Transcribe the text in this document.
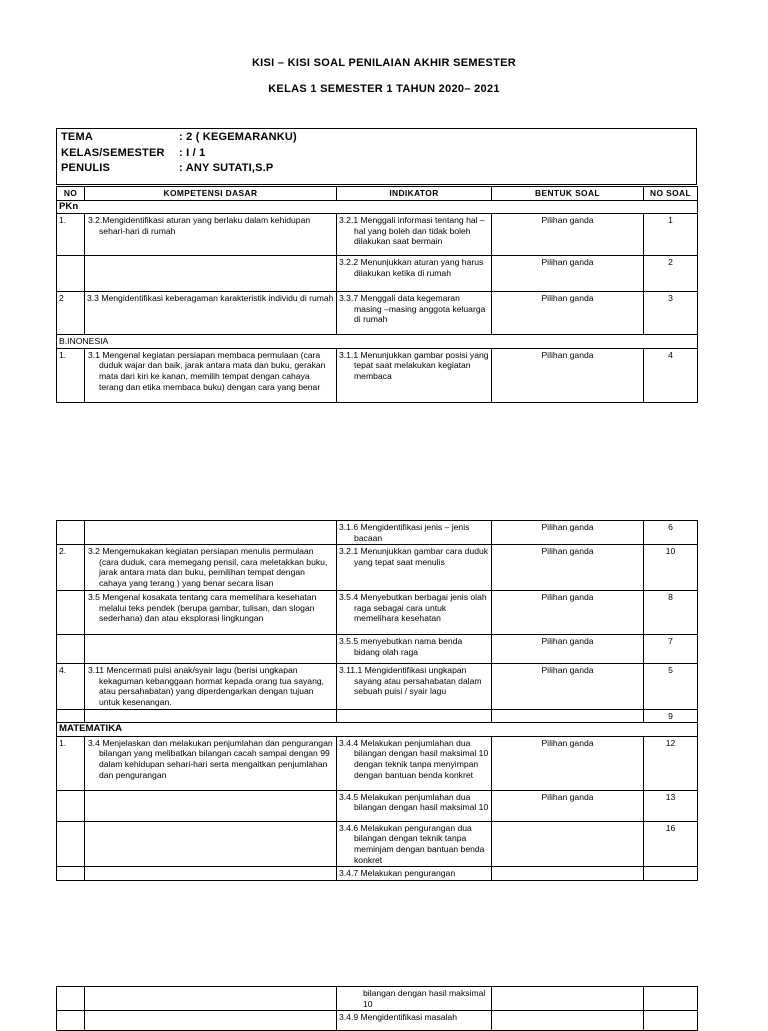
KISI – KISI SOAL PENILAIAN AKHIR SEMESTER
KELAS 1 SEMESTER 1 TAHUN 2020– 2021
TEMA	: 2 ( KEGEMARANKU)
KELAS/SEMESTER : I / 1
PENULIS	: ANY SUTATI,S.P
NO	KOMPETENSI DASAR	INDIKATOR	BENTUK SOAL	NO SOAL
PKn				
1.	3.2.Mengidentifikasi aturan yang berlaku dalam kehidupan sehari-hari di rumah	3.2.1 Menggali informasi tentang hal – hal yang boleh dan tidak boleh dilakukan saat bermain	Pilihan ganda	1
		3.2.2 Menunjukkan aturan yang harus dilakukan ketika di rumah	Pilihan ganda	2
2	3.3 Mengidentifikasi keberagaman karakteristik individu di rumah	3.3.7 Menggali data kegemaran masing –masing anggota keluarga di rumah	Pilihan ganda	3
B.INONESIA				
1.	3.1 Mengenal kegiatan persiapan membaca permulaan (cara duduk wajar dan baik, jarak antara mata dan buku, gerakan mata dari kiri ke kanan, memilih tempat dengan cahaya terang dan etika membaca buku) dengan cara yang benar	3.1.1 Menunjukkan gambar posisi yang tepat saat melakukan kegiatan membaca	Pilihan ganda	4
		3.1.6 Mengidentifikasi jenis – jenis bacaan	Pilihan ganda	6
2.	3.2 Mengemukakan kegiatan persiapan menulis permulaan (cara duduk, cara memegang pensil, cara meletakkan buku, jarak antara mata dan buku, pemilihan tempat dengan cahaya yang terang ) yang benar secara lisan	3.2.1 Menunjukkan gambar cara duduk yang tepat saat menulis	Pilihan ganda	10
	3.5 Mengenal kosakata tentang cara memelihara kesehatan melalui teks pendek (berupa gambar, tulisan, dan slogan sederhana) dan atau eksplorasi lingkungan	3.5.4 Menyebutkan berbagai jenis olah raga sebagai cara untuk memelihara kesehatan	Pilihan ganda	8
		3.5.5 menyebutkan nama benda bidang olah raga	Pilihan ganda	7
4.	3.11 Mencermati puisi anak/syair lagu (berisi ungkapan kekaguman kebanggaan hormat kepada orang tua sayang, atau persahabatan) yang diperdengarkan dengan tujuan untuk kesenangan.	3.11.1 Mengidentifikasi ungkapan sayang atau persahabatan dalam sebuah puisi / syair lagu	Pilihan ganda	5
				9
MATEMATIKA				
1.	3.4 Menjelaskan dan melakukan penjumlahan dan pengurangan bilangan yang melibatkan bilangan cacah sampai dengan 99 dalam kehidupan sehari-hari serta mengaitkan penjumlahan dan pengurangan	3.4.4 Melakukan penjumlahan dua bilangan dengan hasil maksimal 10 dengan teknik tanpa menyimpan dengan bantuan benda konkret	Pilihan ganda	12
		3.4.5 Melakukan penjumlahan dua bilangan dengan hasil maksimal 10	Pilihan ganda	13
		3.4.6 Melakukan pengurangan dua bilangan dengan teknik tanpa meminjam dengan bantuan benda konkret		16
		3.4.7 Melakukan pengurangan		
		bilangan dengan hasil maksimal 10		
		3.4.9 Mengidentifikasi masalah		
